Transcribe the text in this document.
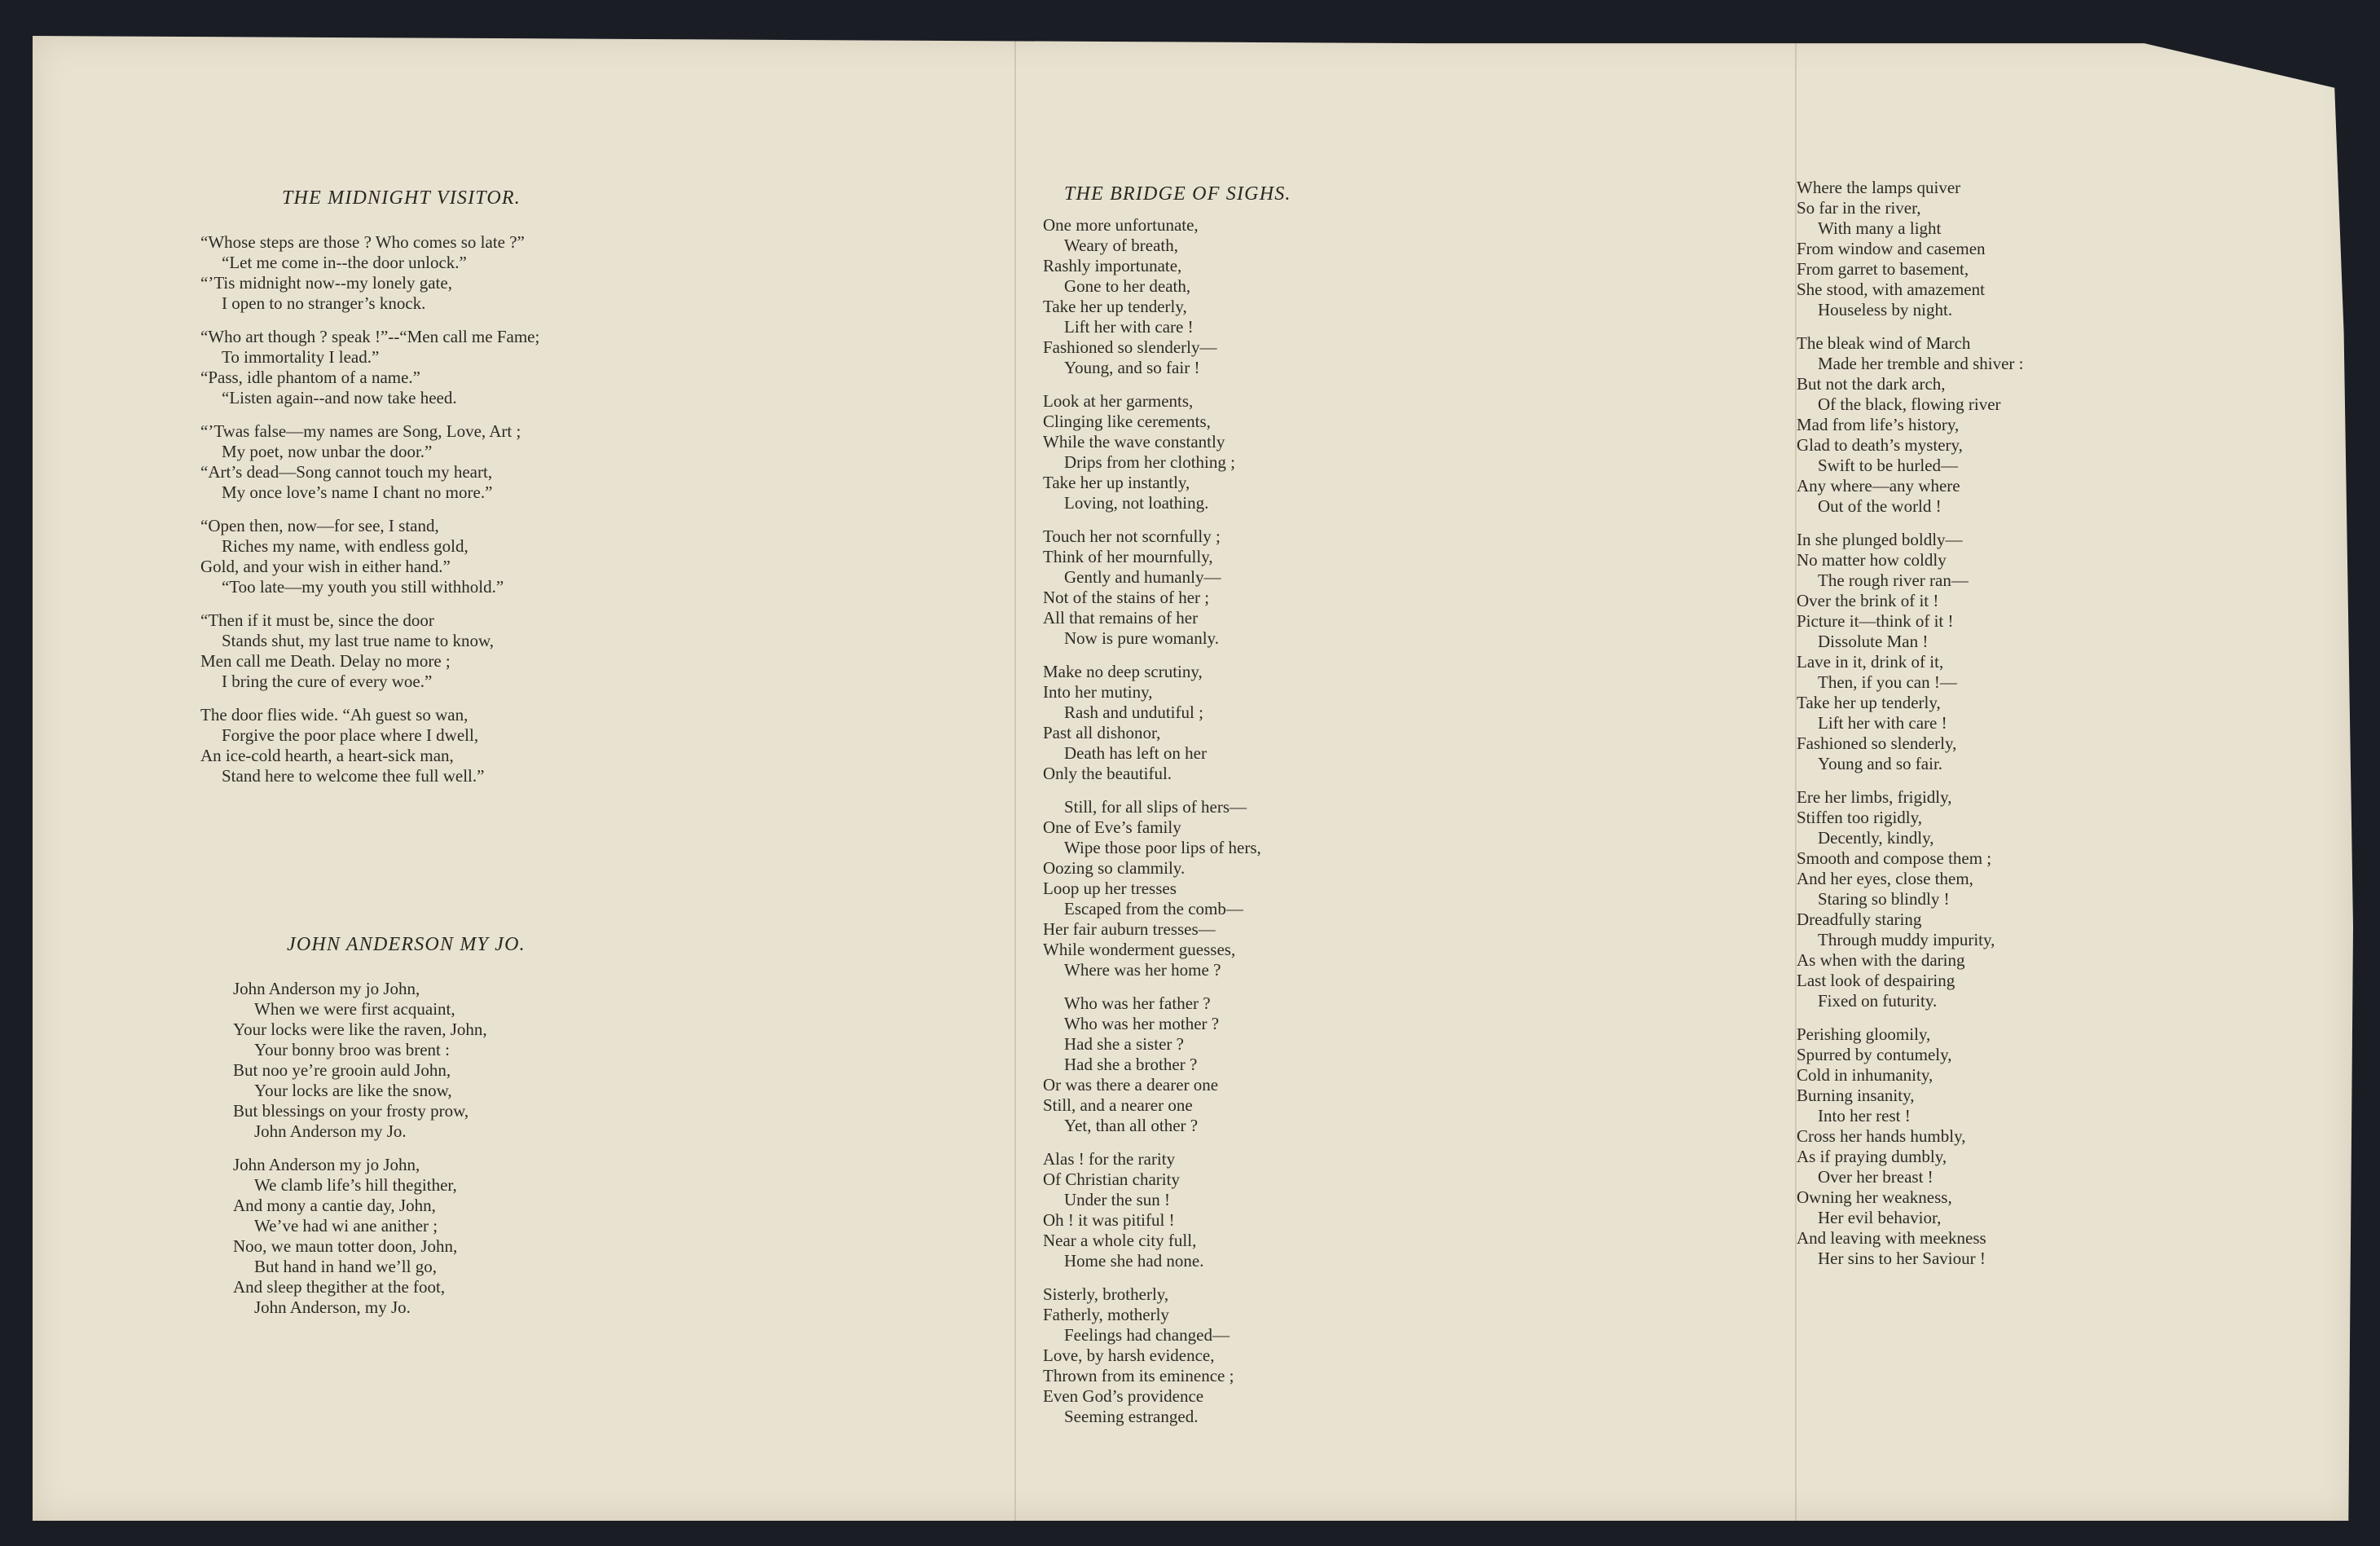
THE MIDNIGHT VISITOR.
“Whose steps are those ? Who comes so late ?”
“Let me come in--the door unlock.”
“’Tis midnight now--my lonely gate,
I open to no stranger’s knock.
“Who art though ? speak !”--“Men call me Fame;
To immortality I lead.”
“Pass, idle phantom of a name.”
“Listen again--and now take heed.
“’Twas false—my names are Song, Love, Art ;
My poet, now unbar the door.”
“Art’s dead—Song cannot touch my heart,
My once love’s name I chant no more.”
“Open then, now—for see, I stand,
Riches my name, with endless gold,
Gold, and your wish in either hand.”
“Too late—my youth you still withhold.”
“Then if it must be, since the door
Stands shut, my last true name to know,
Men call me Death. Delay no more ;
I bring the cure of every woe.”
The door flies wide. “Ah guest so wan,
Forgive the poor place where I dwell,
An ice-cold hearth, a heart-sick man,
Stand here to welcome thee full well.”
JOHN ANDERSON MY JO.
John Anderson my jo John,
When we were first acquaint,
Your locks were like the raven, John,
Your bonny broo was brent :
But noo ye’re grooin auld John,
Your locks are like the snow,
But blessings on your frosty prow,
John Anderson my Jo.
John Anderson my jo John,
We clamb life’s hill thegither,
And mony a cantie day, John,
We’ve had wi ane anither ;
Noo, we maun totter doon, John,
But hand in hand we’ll go,
And sleep thegither at the foot,
John Anderson, my Jo.
THE BRIDGE OF SIGHS.
One more unfortunate,
Weary of breath,
Rashly importunate,
Gone to her death,
Take her up tenderly,
Lift her with care !
Fashioned so slenderly—
Young, and so fair !
Look at her garments,
Clinging like cerements,
While the wave constantly
Drips from her clothing ;
Take her up instantly,
Loving, not loathing.
Touch her not scornfully ;
Think of her mournfully,
Gently and humanly—
Not of the stains of her ;
All that remains of her
Now is pure womanly.
Make no deep scrutiny,
Into her mutiny,
Rash and undutiful ;
Past all dishonor,
Death has left on her
Only the beautiful.
Still, for all slips of hers—
One of Eve’s family
Wipe those poor lips of hers,
Oozing so clammily.
Loop up her tresses
Escaped from the comb—
Her fair auburn tresses—
While wonderment guesses,
Where was her home ?
Who was her father ?
Who was her mother ?
Had she a sister ?
Had she a brother ?
Or was there a dearer one
Still, and a nearer one
Yet, than all other ?
Alas ! for the rarity
Of Christian charity
Under the sun !
Oh ! it was pitiful !
Near a whole city full,
Home she had none.
Sisterly, brotherly,
Fatherly, motherly
Feelings had changed—
Love, by harsh evidence,
Thrown from its eminence ;
Even God’s providence
Seeming estranged.
Where the lamps quiver
So far in the river,
With many a light
From window and casemen
From garret to basement,
She stood, with amazement
Houseless by night.
The bleak wind of March
Made her tremble and shiver :
But not the dark arch,
Of the black, flowing river
Mad from life’s history,
Glad to death’s mystery,
Swift to be hurled—
Any where—any where
Out of the world !
In she plunged boldly—
No matter how coldly
The rough river ran—
Over the brink of it !
Picture it—think of it !
Dissolute Man !
Lave in it, drink of it,
Then, if you can !—
Take her up tenderly,
Lift her with care !
Fashioned so slenderly,
Young and so fair.
Ere her limbs, frigidly,
Stiffen too rigidly,
Decently, kindly,
Smooth and compose them ;
And her eyes, close them,
Staring so blindly !
Dreadfully staring
Through muddy impurity,
As when with the daring
Last look of despairing
Fixed on futurity.
Perishing gloomily,
Spurred by contumely,
Cold in inhumanity,
Burning insanity,
Into her rest !
Cross her hands humbly,
As if praying dumbly,
Over her breast !
Owning her weakness,
Her evil behavior,
And leaving with meekness
Her sins to her Saviour !
